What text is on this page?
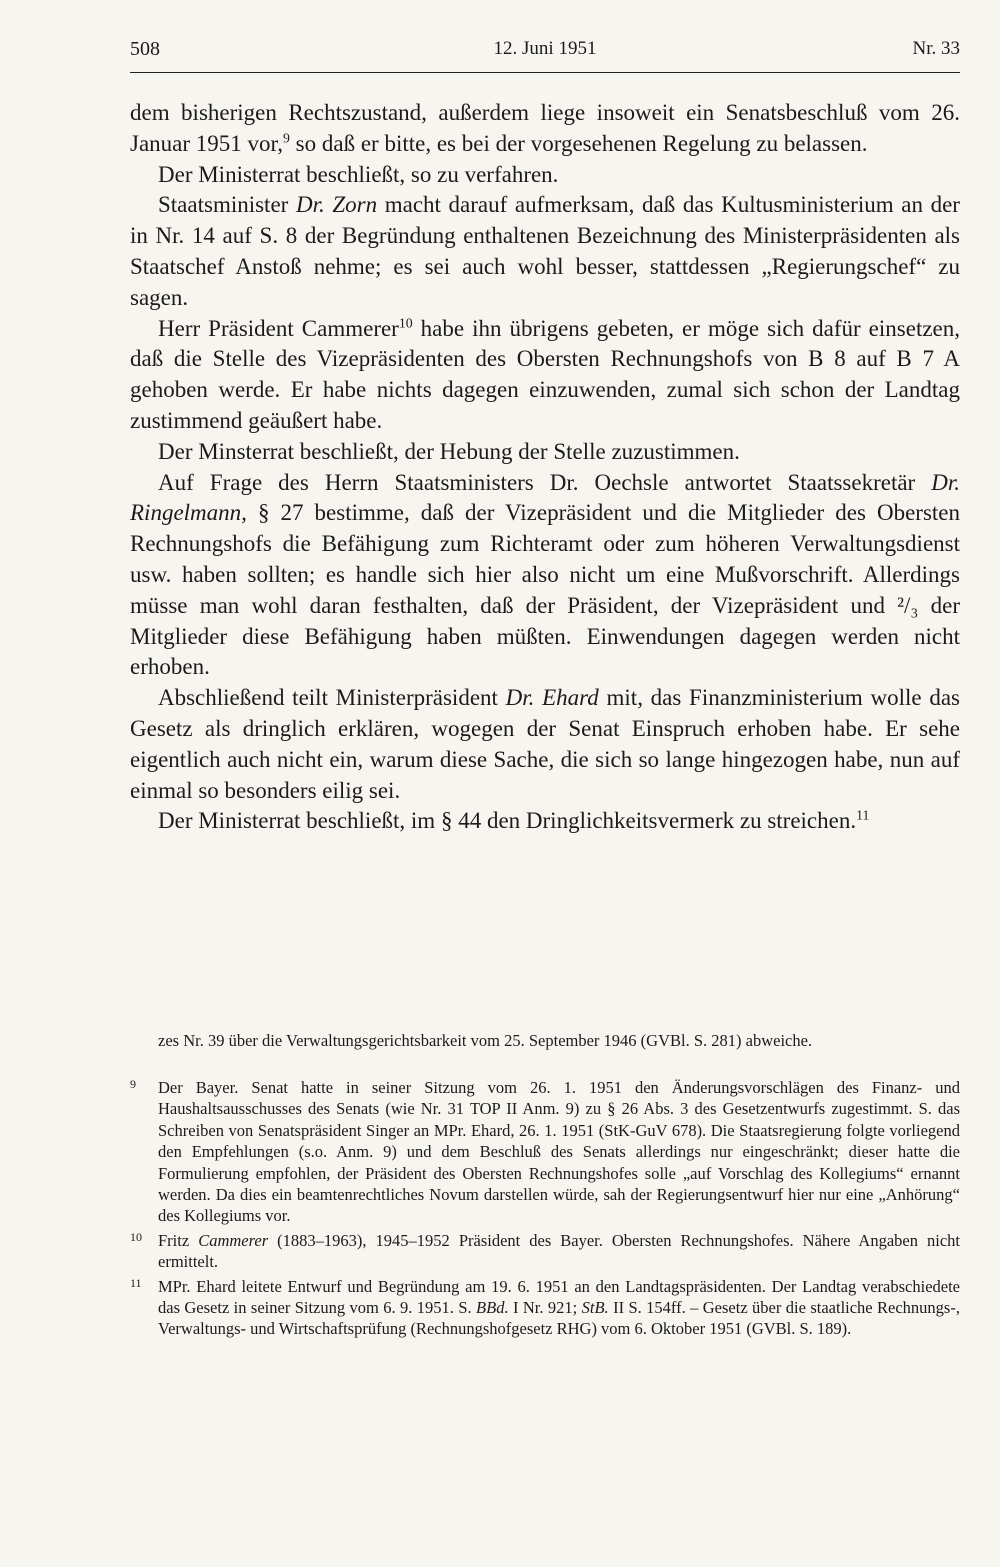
508	12. Juni 1951	Nr. 33

dem bisherigen Rechtszustand, außerdem liege insoweit ein Senatsbeschluß vom 26. Januar 1951 vor,$^9$ so daß er bitte, es bei der vorgesehenen Regelung zu belassen.

Der Ministerrat beschließt, so zu verfahren.

Staatsminister Dr. Zorn macht darauf aufmerksam, daß das Kultusministerium an der in Nr. 14 auf S. 8 der Begründung enthaltenen Bezeichnung des Ministerpräsidenten als Staatschef Anstoß nehme; es sei auch wohl besser, stattdessen „Regierungschef“ zu sagen.

Herr Präsident Cammerer$^{10}$ habe ihn übrigens gebeten, er möge sich dafür einsetzen, daß die Stelle des Vizepräsidenten des Obersten Rechnungshofs von B 8 auf B 7 A gehoben werde. Er habe nichts dagegen einzuwenden, zumal sich schon der Landtag zustimmend geäußert habe.

Der Minsterrat beschließt, der Hebung der Stelle zuzustimmen.

Auf Frage des Herrn Staatsministers Dr. Oechsle antwortet Staatssekretär Dr. Ringelmann, § 27 bestimme, daß der Vizepräsident und die Mitglieder des Obersten Rechnungshofs die Befähigung zum Richteramt oder zum höheren Verwaltungsdienst usw. haben sollten; es handle sich hier also nicht um eine Mußvorschrift. Allerdings müsse man wohl daran festhalten, daß der Präsident, der Vizepräsident und ²/₃ der Mitglieder diese Befähigung haben müßten. Einwendungen dagegen werden nicht erhoben.

Abschließend teilt Ministerpräsident Dr. Ehard mit, das Finanzministerium wolle das Gesetz als dringlich erklären, wogegen der Senat Einspruch erhoben habe. Er sehe eigentlich auch nicht ein, warum diese Sache, die sich so lange hingezogen habe, nun auf einmal so besonders eilig sei.

Der Ministerrat beschließt, im § 44 den Dringlichkeitsvermerk zu streichen.$^{11}$

zes Nr. 39 über die Verwaltungsgerichtsbarkeit vom 25. September 1946 (GVBl. S. 281) abweiche.
9 Der Bayer. Senat hatte in seiner Sitzung vom 26. 1. 1951 den Änderungsvorschlägen des Finanz- und Haushaltsausschusses des Senats (wie Nr. 31 TOP II Anm. 9) zu § 26 Abs. 3 des Gesetzentwurfs zugestimmt. S. das Schreiben von Senatspräsident Singer an MPr. Ehard, 26. 1. 1951 (StK-GuV 678). Die Staatsregierung folgte vorliegend den Empfehlungen (s.o. Anm. 9) und dem Beschluß des Senats allerdings nur eingeschränkt; dieser hatte die Formulierung empfohlen, der Präsident des Obersten Rechnungshofes solle „auf Vorschlag des Kollegiums“ ernannt werden. Da dies ein beamtenrechtliches Novum darstellen würde, sah der Regierungsentwurf hier nur eine „Anhörung“ des Kollegiums vor.
10 Fritz Cammerer (1883–1963), 1945–1952 Präsident des Bayer. Obersten Rechnungshofes. Nähere Angaben nicht ermittelt.
11 MPr. Ehard leitete Entwurf und Begründung am 19. 6. 1951 an den Landtagspräsidenten. Der Landtag verabschiedete das Gesetz in seiner Sitzung vom 6. 9. 1951. S. BBd. I Nr. 921; StB. II S. 154ff. – Gesetz über die staatliche Rechnungs-, Verwaltungs- und Wirtschaftsprüfung (Rechnungshofgesetz RHG) vom 6. Oktober 1951 (GVBl. S. 189).
